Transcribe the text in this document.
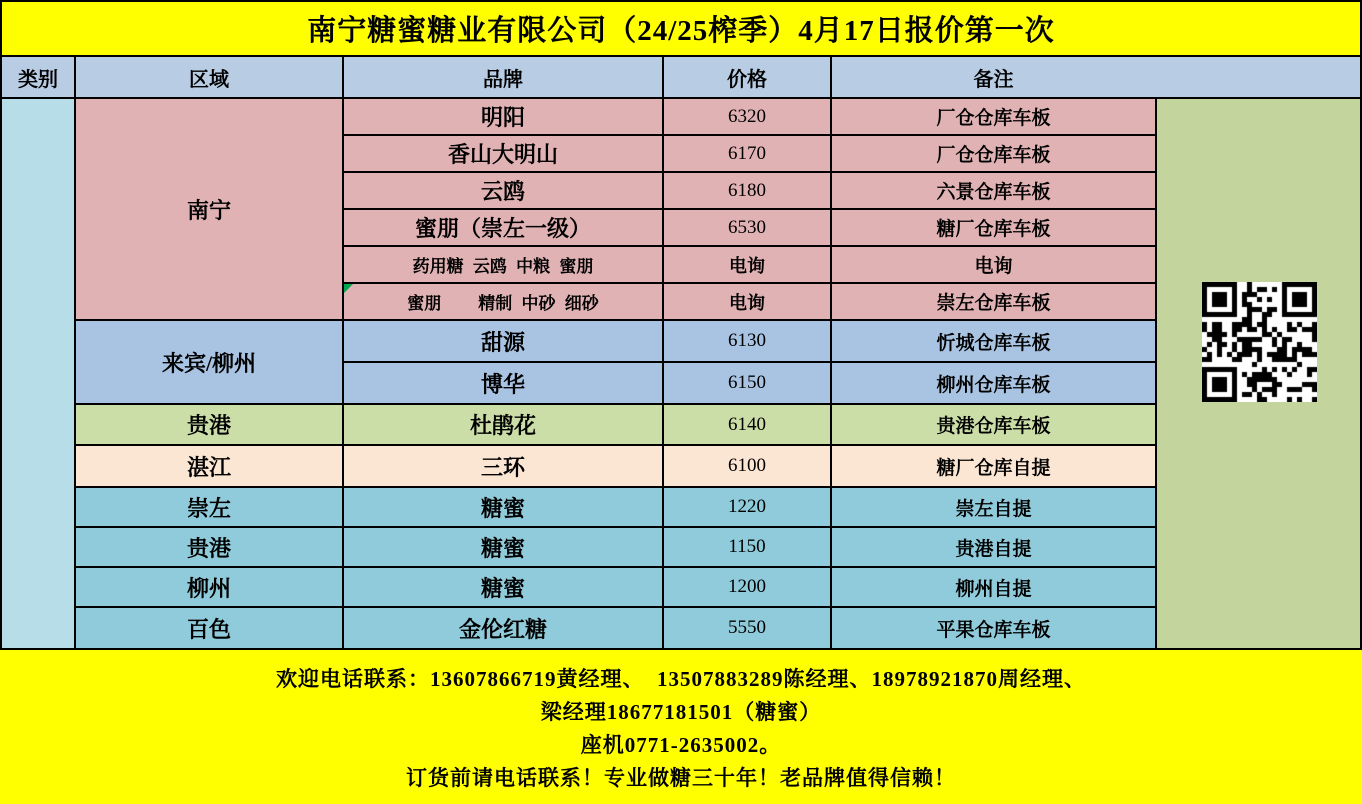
南宁糖蜜糖业有限公司（24/25榨季）4月17日报价第一次
类别	区域	品牌	价格	备注
南宁
明阳	6320	厂仓仓库车板
香山大明山	6170	厂仓仓库车板
云鸥	6180	六景仓库车板
蜜朋（崇左一级）	6530	糖厂仓库车板
药用糖 云鸥 中粮 蜜朋	电询	电询
蜜朋    精制 中砂 细砂	电询	崇左仓库车板
来宾/柳州
甜源	6130	忻城仓库车板
博华	6150	柳州仓库车板
贵港	杜鹃花	6140	贵港仓库车板
湛江	三环	6100	糖厂仓库自提
崇左	糖蜜	1220	崇左自提
贵港	糖蜜	1150	贵港自提
柳州	糖蜜	1200	柳州自提
百色	金伦红糖	5550	平果仓库车板
欢迎电话联系：13607866719黄经理、  13507883289陈经理、18978921870周经理、
梁经理18677181501（糖蜜）
座机0771-2635002。
订货前请电话联系！专业做糖三十年！老品牌值得信赖！
